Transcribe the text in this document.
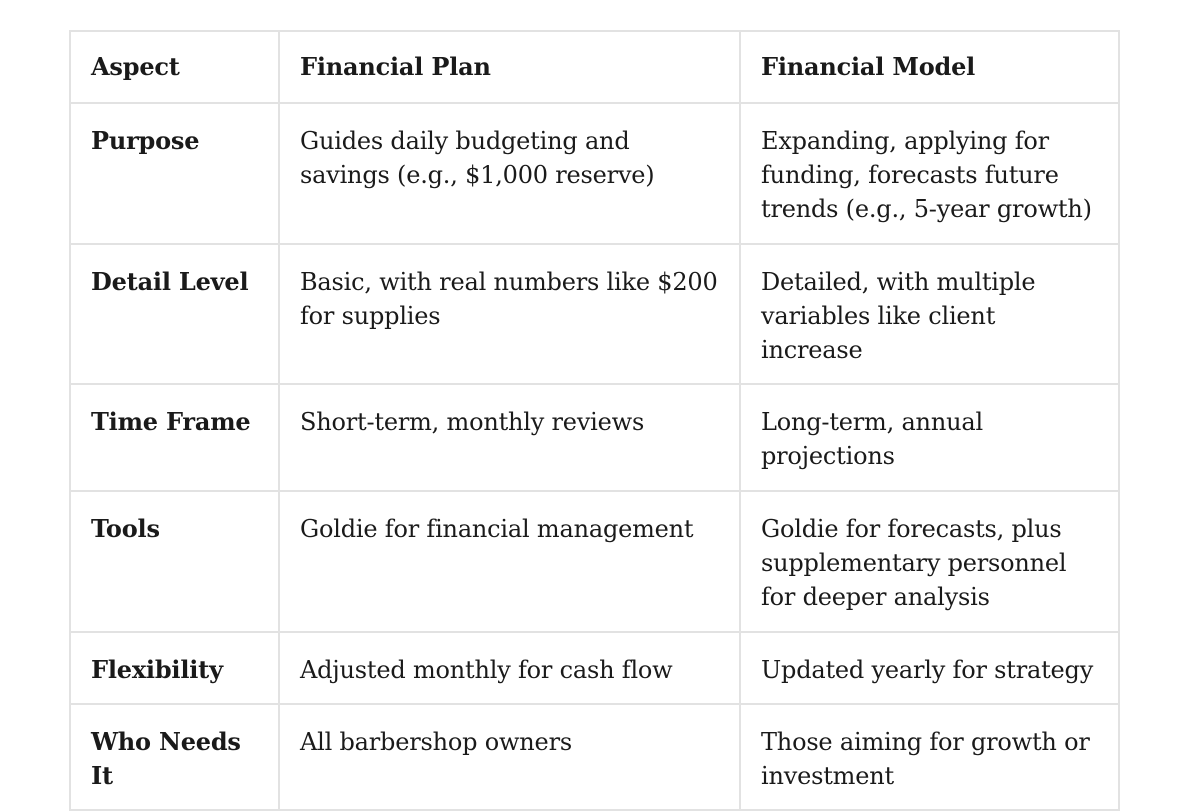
Aspect	Financial Plan	Financial Model
Purpose	Guides daily budgeting and savings (e.g., $1,000 reserve)	Expanding, applying for funding, forecasts future trends (e.g., 5-year growth)
Detail Level	Basic, with real numbers like $200 for supplies	Detailed, with multiple variables like client increase
Time Frame	Short-term, monthly reviews	Long-term, annual projections
Tools	Goldie for financial management	Goldie for forecasts, plus supplementary personnel for deeper analysis
Flexibility	Adjusted monthly for cash flow	Updated yearly for strategy
Who Needs It	All barbershop owners	Those aiming for growth or investment
